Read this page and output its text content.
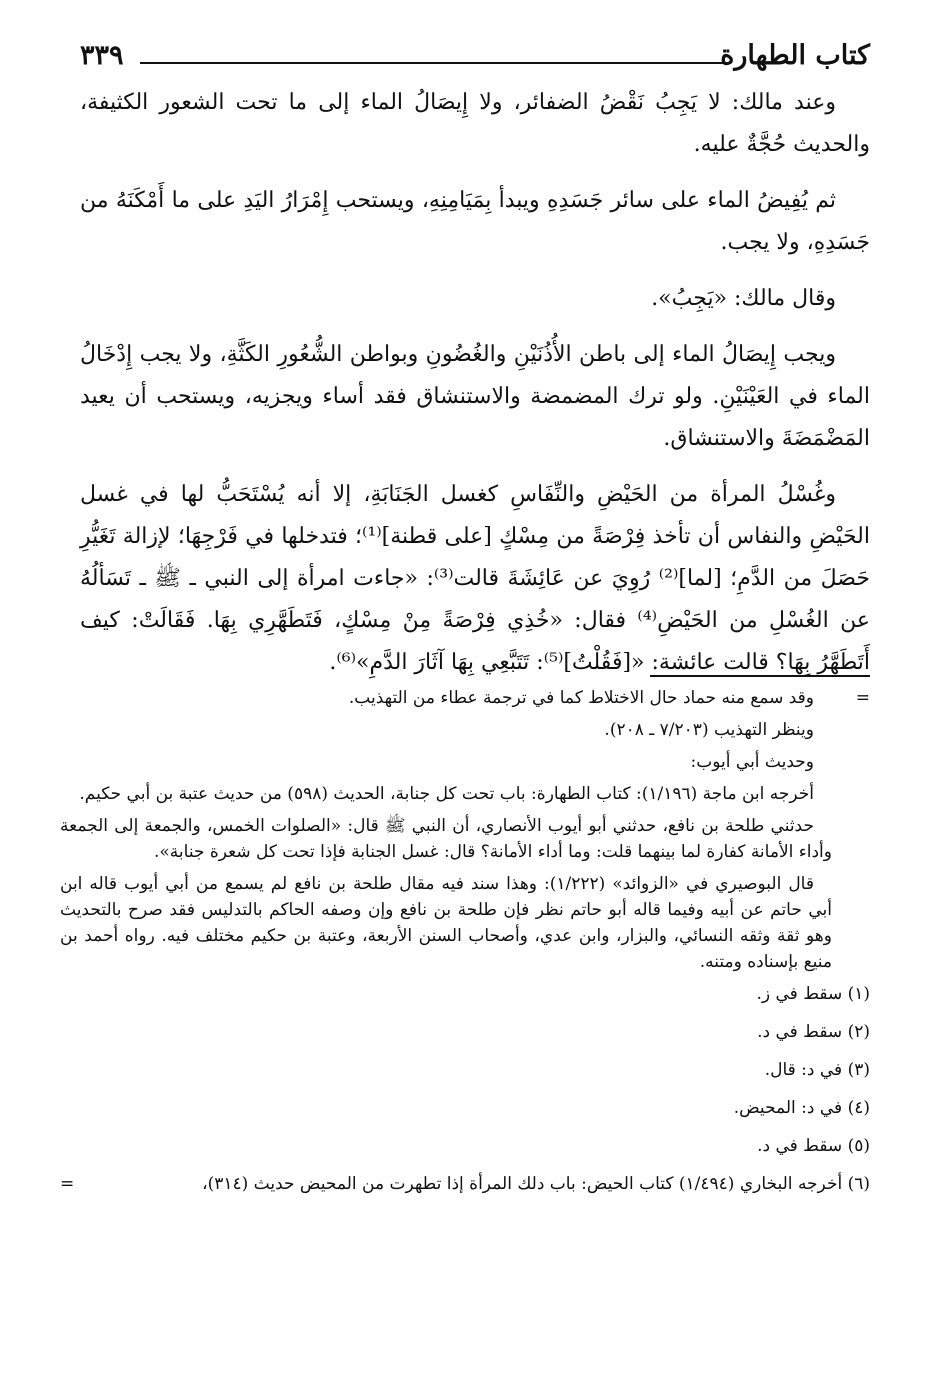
كتاب الطهارة
٣٣٩

وعند مالك: لا يَجِبُ نَقْضُ الضفائر، ولا إِيصَالُ الماء إلى ما تحت الشعور الكثيفة، والحديث حُجَّةٌ عليه.

ثم يُفِيضُ الماء على سائر جَسَدِهِ ويبدأ بِمَيَامِنِهِ، ويستحب إِمْرَارُ اليَدِ على ما أَمْكَنَهُ من جَسَدِهِ، ولا يجب.

وقال مالك: «يَجِبُ».

ويجب إِيصَالُ الماء إلى باطن الأُذُنَيْنِ والغُضُونِ وبواطن الشُّعُورِ الكَثَّةِ، ولا يجب إِدْخَالُ الماء في العَيْنَيْنِ. ولو ترك المضمضة والاستنشاق فقد أساء ويجزيه، ويستحب أن يعيد المَضْمَضَةَ والاستنشاق.

وغُسْلُ المرأة من الحَيْضِ والنِّفَاسِ كغسل الجَنَابَةِ، إلا أنه يُسْتَحَبُّ لها في غسل الحَيْضِ والنفاس أن تأخذ فِرْصَةً من مِسْكٍ [على قطنة]⁽¹⁾؛ فتدخلها في فَرْجِهَا؛ لإزالة تَغَيُّرِ حَصَلَ من الدَّمِ؛ [لما]⁽²⁾ رُوِيَ عن عَائِشَةَ قالت⁽³⁾: «جاءت امرأة إلى النبي ـ ﷺ ـ تَسَألُهُ عن الغُسْلِ من الحَيْضِ⁽⁴⁾ فقال: «خُذِي فِرْصَةً مِنْ مِسْكٍ، فَتَطَهَّرِي بِهَا. فَقَالَتْ: كيف أَتَطَهَّرُ بِهَا؟ قالت عائشة: «[فَقُلْتُ]⁽⁵⁾: تَتَبَّعِي بِهَا آثَارَ الدَّمِ»⁽⁶⁾.

=

وقد سمع منه حماد حال الاختلاط كما في ترجمة عطاء من التهذيب.

وينظر التهذيب (٧/٢٠٣ ـ ٢٠٨).

وحديث أبي أيوب:

أخرجه ابن ماجة (١/١٩٦): كتاب الطهارة: باب تحت كل جنابة، الحديث (٥٩٨) من حديث عتبة بن أبي حكيم.

حدثني طلحة بن نافع، حدثني أبو أيوب الأنصاري، أن النبي ﷺ قال: «الصلوات الخمس، والجمعة إلى الجمعة وأداء الأمانة كفارة لما بينهما قلت: وما أداء الأمانة؟ قال: غسل الجنابة فإذا تحت كل شعرة جنابة».

قال البوصيري في «الزوائد» (١/٢٢٢): وهذا سند فيه مقال طلحة بن نافع لم يسمع من أبي أيوب قاله ابن أبي حاتم عن أبيه وفيما قاله أبو حاتم نظر فإن طلحة بن نافع وإن وصفه الحاكم بالتدليس فقد صرح بالتحديث وهو ثقة وثقه النسائي، والبزار، وابن عدي، وأصحاب السنن الأربعة، وعتبة بن حكيم مختلف فيه. رواه أحمد بن منيع بإسناده ومتنه.

(١) سقط في ز.
(٢) سقط في د.
(٣) في د: قال.
(٤) في د: المحيض.
(٥) سقط في د.
(٦) أخرجه البخاري (١/٤٩٤) كتاب الحيض: باب دلك المرأة إذا تطهرت من المحيض حديث (٣١٤)،
=
